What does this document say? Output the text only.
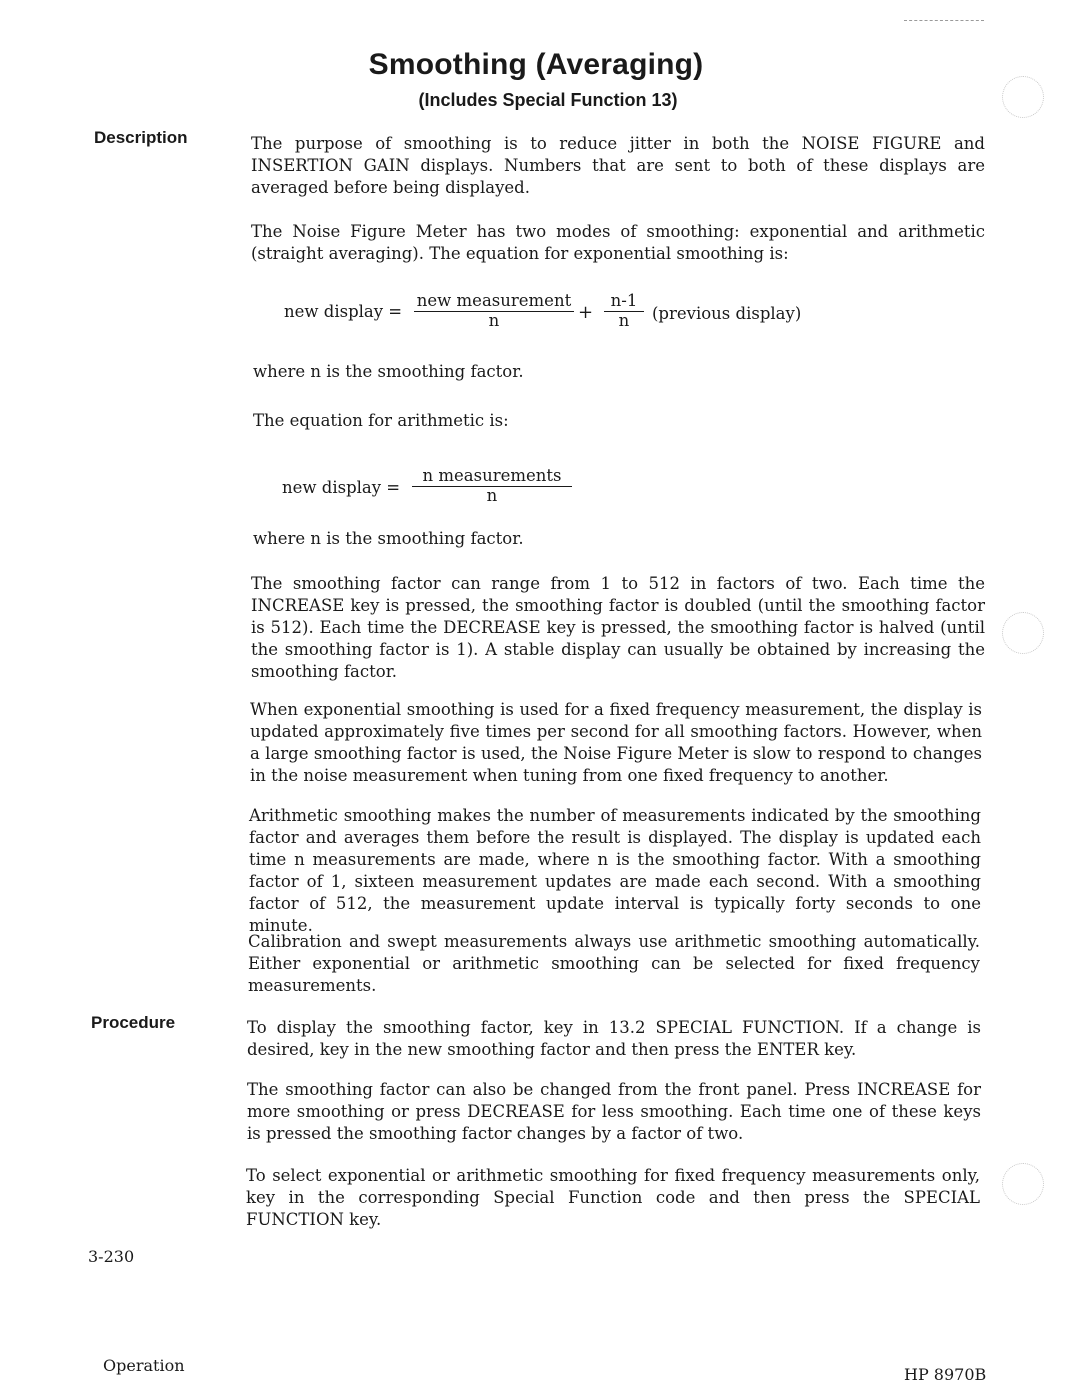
Smoothing (Averaging)
(Includes Special Function 13)
Description	The purpose of smoothing is to reduce jitter in both the NOISE FIGURE and INSERTION GAIN displays. Numbers that are sent to both of these displays are averaged before being displayed.

The Noise Figure Meter has two modes of smoothing: exponential and arithmetic (straight averaging). The equation for exponential smoothing is:

new display =
new measurement
n	+ $\frac{n-1}{n}$ (previous display)

where n is the smoothing factor.

The equation for arithmetic is:

new display =
n measurements
n

where n is the smoothing factor.

The smoothing factor can range from 1 to 512 in factors of two. Each time the INCREASE key is pressed, the smoothing factor is doubled (until the smoothing factor is 512). Each time the DECREASE key is pressed, the smoothing factor is halved (until the smoothing factor is 1). A stable display can usually be obtained by increasing the smoothing factor.

When exponential smoothing is used for a fixed frequency measurement, the display is updated approximately five times per second for all smoothing factors. However, when a large smoothing factor is used, the Noise Figure Meter is slow to respond to changes in the noise measurement when tuning from one fixed frequency to another.

Arithmetic smoothing makes the number of measurements indicated by the smoothing factor and averages them before the result is displayed. The display is updated each time n measurements are made, where n is the smoothing factor. With a smoothing factor of 1, sixteen measurement updates are made each second. With a smoothing factor of 512, the measurement update interval is typically forty seconds to one minute.

Calibration and swept measurements always use arithmetic smoothing automatically. Either exponential or arithmetic smoothing can be selected for fixed frequency measurements.

Procedure	To display the smoothing factor, key in 13.2 SPECIAL FUNCTION. If a change is desired, key in the new smoothing factor and then press the ENTER key.

The smoothing factor can also be changed from the front panel. Press INCREASE for more smoothing or press DECREASE for less smoothing. Each time one of these keys is pressed the smoothing factor changes by a factor of two.

To select exponential or arithmetic smoothing for fixed frequency measurements only, key in the corresponding Special Function code and then press the SPECIAL FUNCTION key.

3-230
Operation	HP 8970B
